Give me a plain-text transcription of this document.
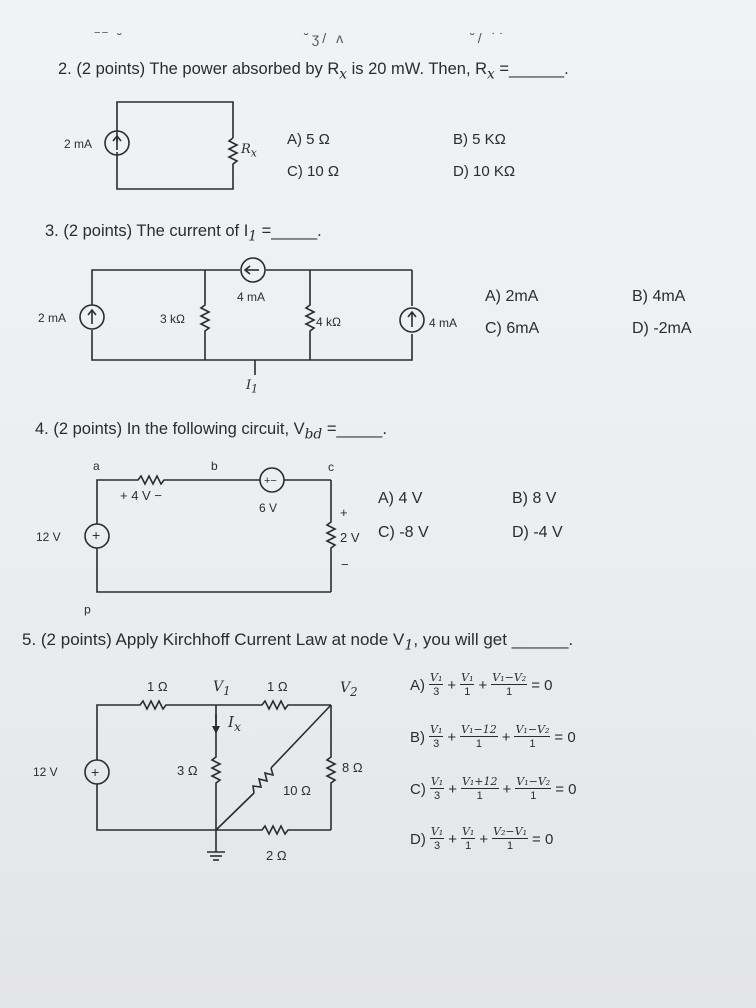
‾‾ ˘                          ˘ʒ/ ʌ                  ˘/ ˙˙
2. (2 points) The power absorbed by $R_x$ is 20 mW. Then, $R_x$ =______.
2 mA	$R_x$
A) 5 Ω	B) 5 KΩ
C) 10 Ω	D) 10 KΩ
3. (2 points) The current of $I_1$ =_____.
2 mA	3 kΩ
4 mA
4 kΩ	4 mA
$I_1$
A) 2mA	B) 4mA
C) 6mA	D) -2mA
4. (2 points) In the following circuit, $V_{bd}$ =_____.
+
+−
a	b	c
d
+ 4 V −
6 V
12 V
+
2 V
−
A) 4 V	B) 8 V
C) -8 V	D) -4 V
5. (2 points) Apply Kirchhoff Current Law at node $V_1$, you will get ______.
+
1 Ω	$V_1$	1 Ω	$V_2$
$I_x$
12 V	3 Ω
10 Ω
8 Ω
2 Ω
$A) \frac{\text{V₁}}{3} + \frac{\text{V₁}}{1} + \frac{\text{V₁−V₂}}{1} = 0$
$B) \frac{\text{V₁}}{3} + \frac{\text{V₁−12}}{1} + \frac{\text{V₁−V₂}}{1} = 0$
$C) \frac{\text{V₁}}{3} + \frac{\text{V₁+12}}{1} + \frac{\text{V₁−V₂}}{1} = 0$
$D) \frac{\text{V₁}}{3} + \frac{\text{V₁}}{1} + \frac{\text{V₂−V₁}}{1} = 0$
